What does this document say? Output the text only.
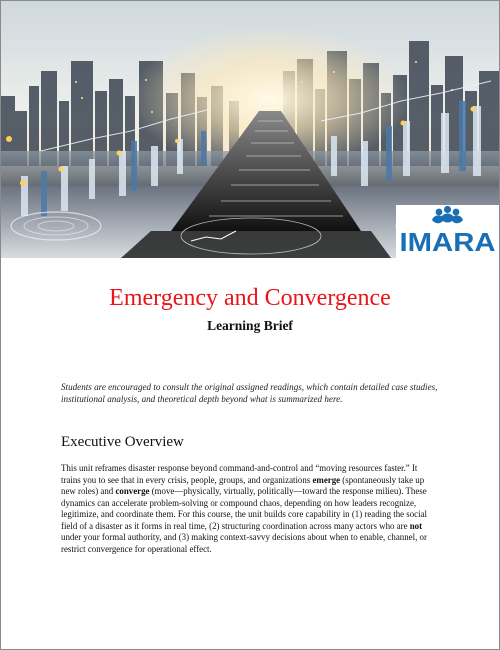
IMARA
Emergency and Convergence
Learning Brief
Students are encouraged to consult the original assigned readings, which contain detailed case studies, institutional analysis, and theoretical depth beyond what is summarized here.
Executive Overview
This unit reframes disaster response beyond command-and-control and “moving resources faster.” It trains you to see that in every crisis, people, groups, and organizations emerge (spontaneously take up new roles) and converge (move—physically, virtually, politically—toward the response milieu). These dynamics can accelerate problem-solving or compound chaos, depending on how leaders recognize, legitimize, and coordinate them. For this course, the unit builds core capability in (1) reading the social field of a disaster as it forms in real time, (2) structuring coordination across many actors who are not under your formal authority, and (3) making context-savvy decisions about when to enable, channel, or restrict convergence for operational effect.
